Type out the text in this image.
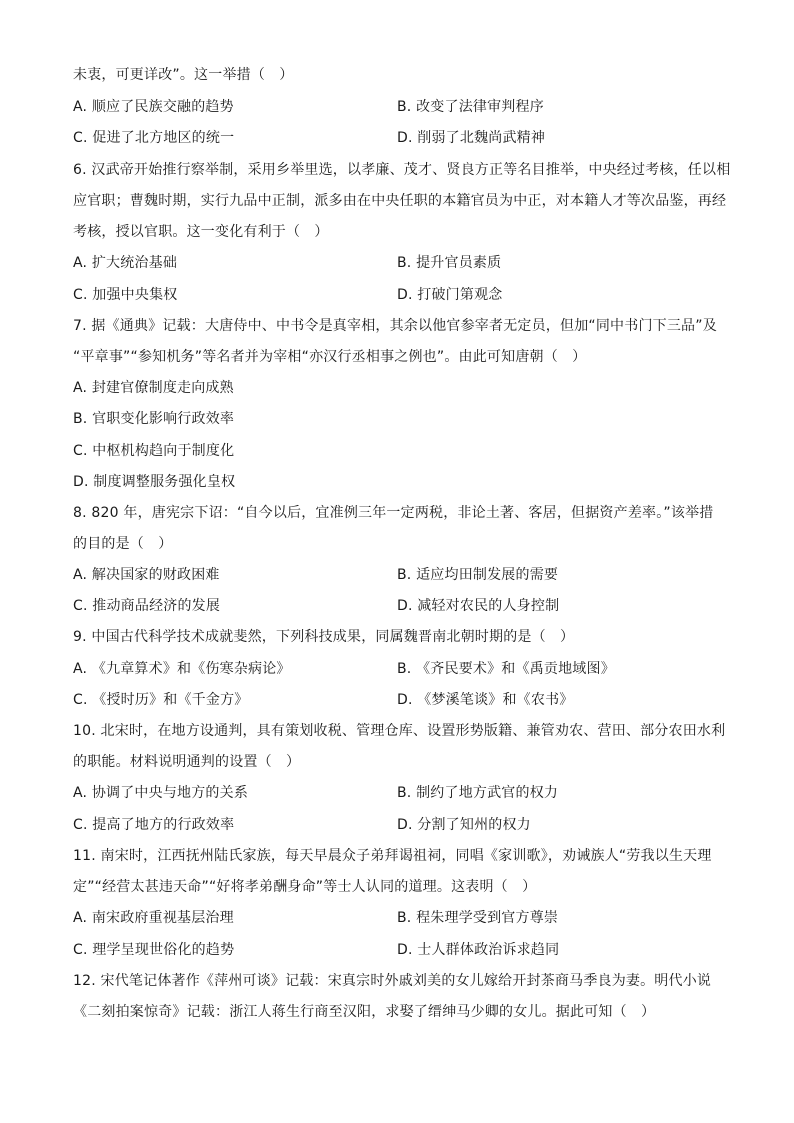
未衷，可更详改”。这一举措（　）
A. 顺应了民族交融的趋势	B. 改变了法律审判程序
C. 促进了北方地区的统一	D. 削弱了北魏尚武精神
6. 汉武帝开始推行察举制，采用乡举里选，以孝廉、茂才、贤良方正等名目推举，中央经过考核，任以相
应官职；曹魏时期，实行九品中正制，派多由在中央任职的本籍官员为中正，对本籍人才等次品鉴，再经
考核，授以官职。这一变化有利于（　）
A. 扩大统治基础	B. 提升官员素质
C. 加强中央集权	D. 打破门第观念
7. 据《通典》记载：大唐侍中、中书令是真宰相，其余以他官参宰者无定员，但加“同中书门下三品”及
“平章事”“参知机务”等名者并为宰相“亦汉行丞相事之例也”。由此可知唐朝（　）
A. 封建官僚制度走向成熟
B. 官职变化影响行政效率
C. 中枢机构趋向于制度化
D. 制度调整服务强化皇权
8. 820 年，唐宪宗下诏：“自今以后，宜准例三年一定两税，非论土著、客居，但据资产差率。”该举措
的目的是（　）
A. 解决国家的财政困难	B. 适应均田制发展的需要
C. 推动商品经济的发展	D. 减轻对农民的人身控制
9. 中国古代科学技术成就斐然，下列科技成果，同属魏晋南北朝时期的是（　）
A. 《九章算术》和《伤寒杂病论》	B. 《齐民要术》和《禹贡地域图》
C. 《授时历》和《千金方》	D. 《梦溪笔谈》和《农书》
10. 北宋时，在地方设通判，具有策划收税、管理仓库、设置形势版籍、兼管劝农、营田、部分农田水利
的职能。材料说明通判的设置（　）
A. 协调了中央与地方的关系	B. 制约了地方武官的权力
C. 提高了地方的行政效率	D. 分割了知州的权力
11. 南宋时，江西抚州陆氏家族，每天早晨众子弟拜谒祖祠，同唱《家训歌》，劝诫族人“劳我以生天理
定”“经营太甚违天命”“好将孝弟酬身命”等士人认同的道理。这表明（　）
A. 南宋政府重视基层治理	B. 程朱理学受到官方尊崇
C. 理学呈现世俗化的趋势	D. 士人群体政治诉求趋同
12. 宋代笔记体著作《萍州可谈》记载：宋真宗时外戚刘美的女儿嫁给开封茶商马季良为妻。明代小说
《二刻拍案惊奇》记载：浙江人蒋生行商至汉阳，求娶了缙绅马少卿的女儿。据此可知（　）
